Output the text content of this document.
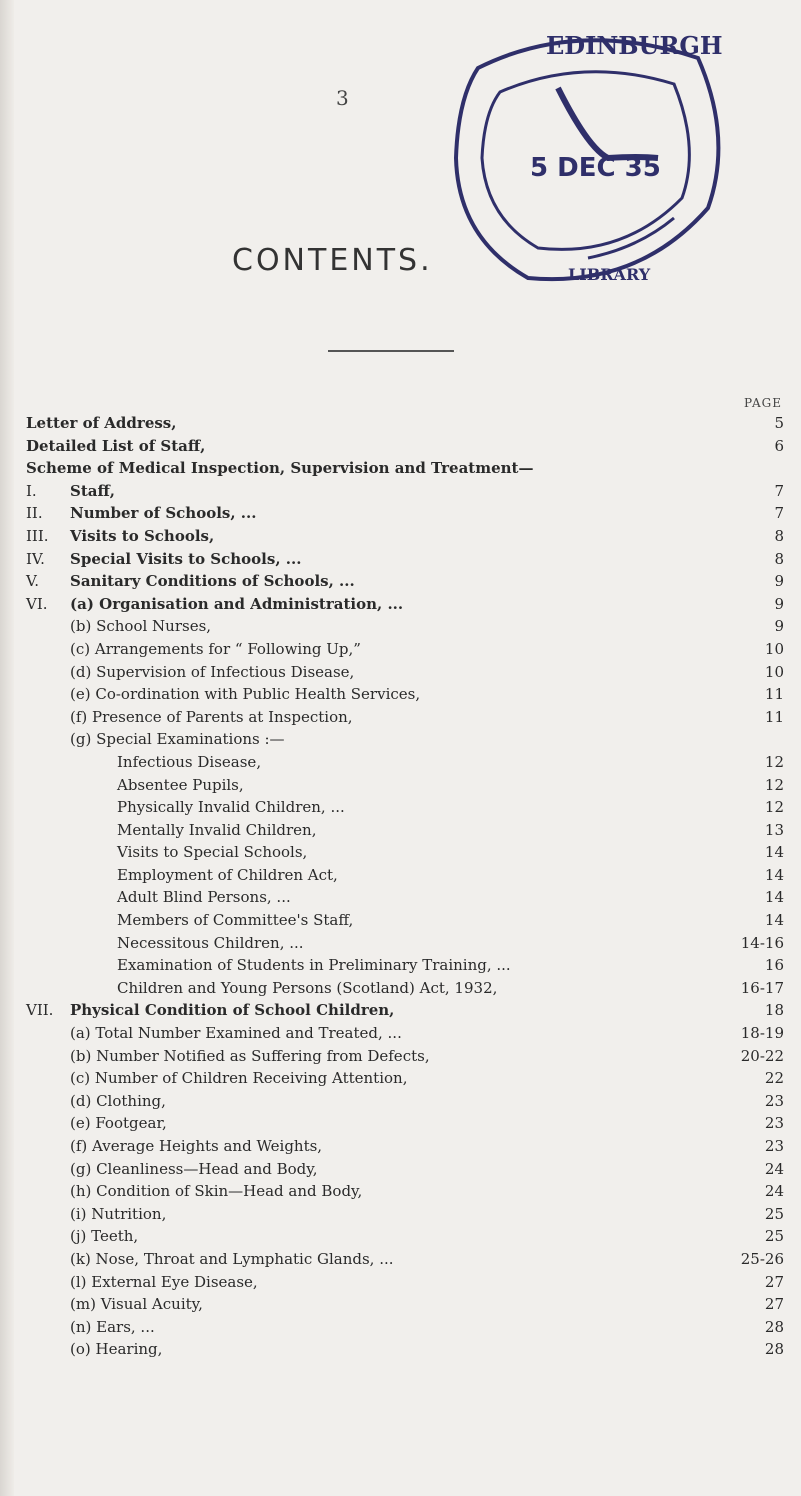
3
EDINBURGH
5 DEC 35
LIBRARY
CONTENTS.
PAGE
Letter of Address,	5
Detailed List of Staff,	6
Scheme of Medical Inspection, Supervision and Treatment—
I.	Staff,	7
II.	Number of Schools, ...	7
III.	Visits to Schools,	8
IV.	Special Visits to Schools, ...	8
V.	Sanitary Conditions of Schools, ...	9
VI.	(a) Organisation and Administration, ...	9
(b) School Nurses,	9
(c) Arrangements for “ Following Up,”	10
(d) Supervision of Infectious Disease,	10
(e) Co-ordination with Public Health Services,	11
(f) Presence of Parents at Inspection,	11
(g) Special Examinations :—
Infectious Disease,	12
Absentee Pupils,	12
Physically Invalid Children, ...	12
Mentally Invalid Children,	13
Visits to Special Schools,	14
Employment of Children Act,	14
Adult Blind Persons, ...	14
Members of Committee's Staff,	14
Necessitous Children, ...	14-16
Examination of Students in Preliminary Training, ...	16
Children and Young Persons (Scotland) Act, 1932,	16-17
VII.	Physical Condition of School Children,	18
(a) Total Number Examined and Treated, ...	18-19
(b) Number Notified as Suffering from Defects,	20-22
(c) Number of Children Receiving Attention,	22
(d) Clothing,	23
(e) Footgear,	23
(f) Average Heights and Weights,	23
(g) Cleanliness—Head and Body,	24
(h) Condition of Skin—Head and Body,	24
(i) Nutrition,	25
(j) Teeth,	25
(k) Nose, Throat and Lymphatic Glands, ...	25-26
(l) External Eye Disease,	27
(m) Visual Acuity,	27
(n) Ears, ...	28
(o) Hearing,	28
